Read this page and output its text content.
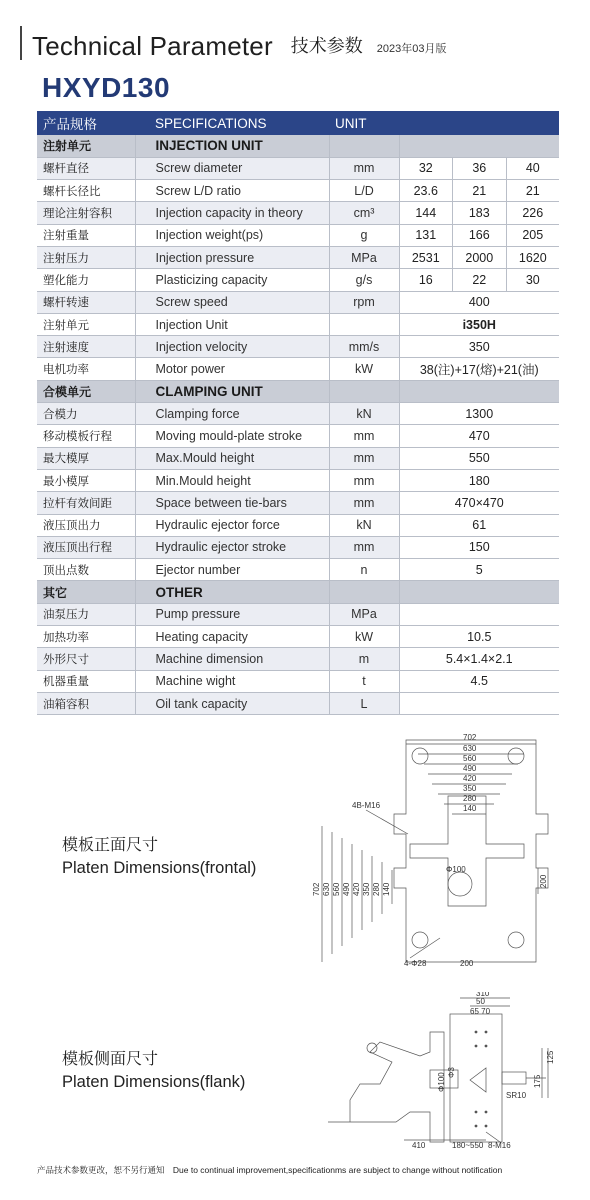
Technical Parameter 技术参数 2023年03月版
HXYD130
产品规格	SPECIFICATIONS	UNIT			
注射单元	INJECTION UNIT				
螺杆直径	Screw diameter	mm	32	36	40
螺杆长径比	Screw L/D ratio	L/D	23.6	21	21
理论注射容积	Injection capacity in theory	cm³	144	183	226
注射重量	Injection weight(ps)	g	131	166	205
注射压力	Injection pressure	MPa	2531	2000	1620
塑化能力	Plasticizing capacity	g/s	16	22	30
螺杆转速	Screw speed	rpm	400		
注射单元	Injection Unit		i350H		
注射速度	Injection velocity	mm/s	350		
电机功率	Motor power	kW	38(注)+17(熔)+21(油)		
合模单元	CLAMPING UNIT				
合模力	Clamping force	kN	1300		
移动模板行程	Moving mould-plate stroke	mm	470		
最大模厚	Max.Mould height	mm	550		
最小模厚	Min.Mould height	mm	180		
拉杆有效间距	Space between tie-bars	mm	470×470		
液压顶出力	Hydraulic ejector force	kN	61		
液压顶出行程	Hydraulic ejector stroke	mm	150		
顶出点数	Ejector number	n	5		
其它	OTHER				
油泵压力	Pump pressure	MPa			
加热功率	Heating capacity	kW	10.5		
外形尺寸	Machine dimension	m	5.4×1.4×2.1		
机器重量	Machine wight	t	4.5		
油箱容积	Oil tank capacity	L			
模板正面尺寸
Platen Dimensions(frontal)
702
630
560
490
420
350
280
140
702 630 560 490 420 350 280 140
4B-M16
Φ100
4-Φ28	200
200
模板侧面尺寸
Platen Dimensions(flank)
310
50
65 70
410	180~550 8-M16
175
125
Φ100 Φ3
SR10
产品技术参数更改，恕不另行通知 Due to continual improvement,specificationms are subject to change without notification
